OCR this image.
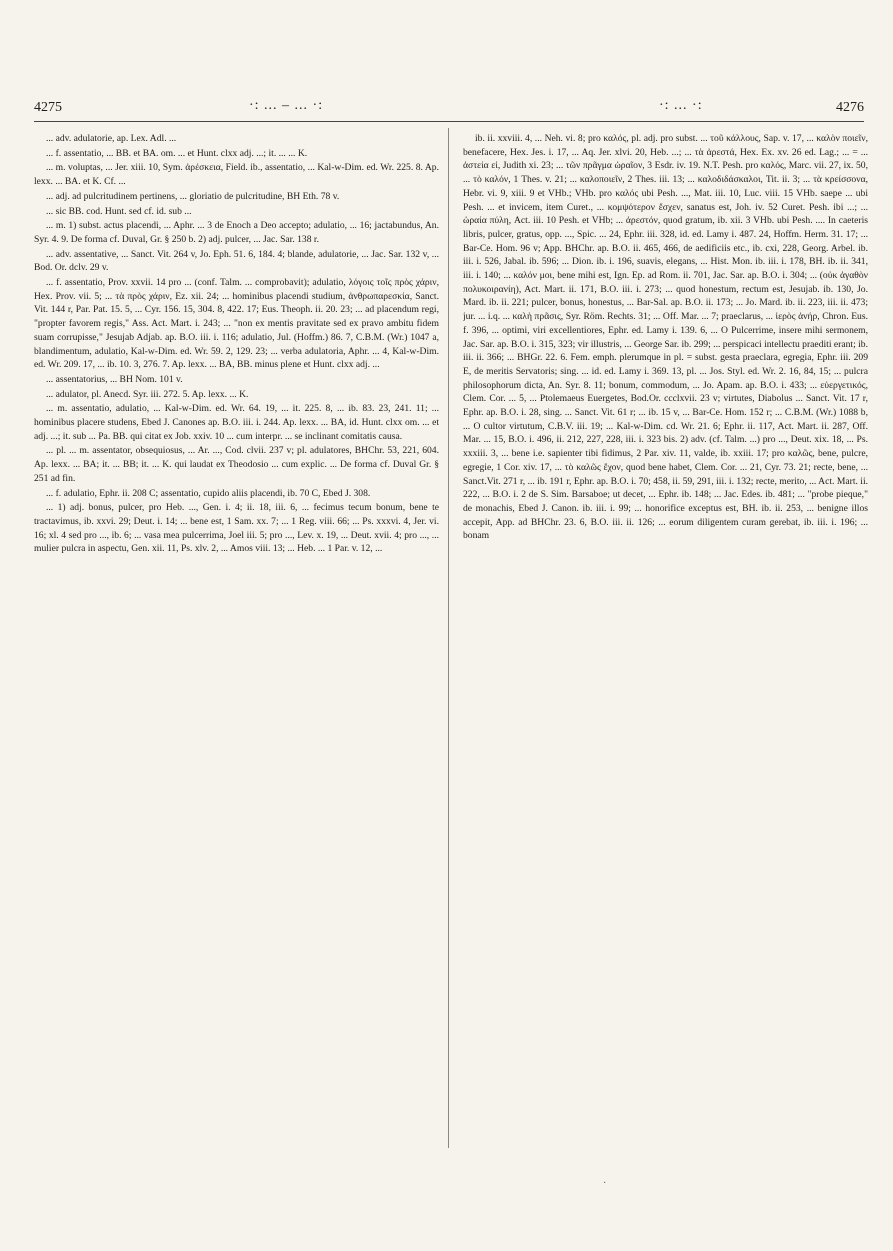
4275	·: ... – ... ·:	·: ... ·:	4276

... adv. adulatorie, ap. Lex. Adl. ...

... f. assentatio, ... BB. et BA. om. ... et Hunt. clxx adj. ...; it. ... ... K.

... m. voluptas, ... Jer. xiii. 10, Sym. ἀρέσκεια, Field. ib., assentatio, ... Kal-w-Dim. ed. Wr. 225. 8. Ap. lexx. ... BA. et K. Cf. ...

... adj. ad pulcritudinem pertinens, ... gloriatio de pulcritudine, BH Eth. 78 v.

... sic BB. cod. Hunt. sed cf. id. sub ...

... m. 1) subst. actus placendi, ... Aphr. ... 3 de Enoch a Deo accepto; adulatio, ... 16; jactabundus, An. Syr. 4. 9. De forma cf. Duval, Gr. § 250 b. 2) adj. pulcer, ... Jac. Sar. 138 r.

... adv. assentative, ... Sanct. Vit. 264 v, Jo. Eph. 51. 6, 184. 4; blande, adulatorie, ... Jac. Sar. 132 v, ... Bod. Or. dclv. 29 v.

... f. assentatio, Prov. xxvii. 14 pro ... (conf. Talm. ... comprobavit); adulatio, λόγοις τοῖς πρὸς χάριν, Hex. Prov. vii. 5; ... τὰ πρὸς χάριν, Ez. xii. 24; ... hominibus placendi studium, ἀνθρωπαρεσκία, Sanct. Vit. 144 r, Par. Pat. 15. 5, ... Cyr. 156. 15, 304. 8, 422. 17; Eus. Theoph. ii. 20. 23; ... ad placendum regi, "propter favorem regis," Ass. Act. Mart. i. 243; ... "non ex mentis pravitate sed ex pravo ambitu fidem suam corrupisse," Jesujab Adjab. ap. B.O. iii. i. 116; adulatio, Jul. (Hoffm.) 86. 7, C.B.M. (Wr.) 1047 a, blandimentum, adulatio, Kal-w-Dim. ed. Wr. 59. 2, 129. 23; ... verba adulatoria, Aphr. ... 4, Kal-w-Dim. ed. Wr. 209. 17, ... ib. 10. 3, 276. 7. Ap. lexx. ... BA, BB. minus plene et Hunt. clxx adj. ...

... assentatorius, ... BH Nom. 101 v.

... adulator, pl. Anecd. Syr. iii. 272. 5. Ap. lexx. ... K.

... m. assentatio, adulatio, ... Kal-w-Dim. ed. Wr. 64. 19, ... it. 225. 8, ... ib. 83. 23, 241. 11; ... hominibus placere studens, Ebed J. Canones ap. B.O. iii. i. 244. Ap. lexx. ... BA, id. Hunt. clxx om. ... et adj. ...; it. sub ... Pa. BB. qui citat ex Job. xxiv. 10 ... cum interpr. ... se inclinant comitatis causa.

... pl. ... m. assentator, obsequiosus, ... Ar. ..., Cod. clvii. 237 v; pl. adulatores, BHChr. 53, 221, 604. Ap. lexx. ... BA; it. ... BB; it. ... K. qui laudat ex Theodosio ... cum explic. ... De forma cf. Duval Gr. § 251 ad fin.

... f. adulatio, Ephr. ii. 208 C; assentatio, cupido aliis placendi, ib. 70 C, Ebed J. 308.

... 1) adj. bonus, pulcer, pro Heb. ..., Gen. i. 4; ii. 18, iii. 6, ... fecimus tecum bonum, bene te tractavimus, ib. xxvi. 29; Deut. i. 14; ... bene est, 1 Sam. xx. 7; ... 1 Reg. viii. 66; ... Ps. xxxvi. 4, Jer. vi. 16; xl. 4 sed pro ..., ib. 6; ... vasa mea pulcerrima, Joel iii. 5; pro ..., Lev. x. 19, ... Deut. xvii. 4; pro ..., ... mulier pulcra in aspectu, Gen. xii. 11, Ps. xlv. 2, ... Amos viii. 13; ... Heb. ... 1 Par. v. 12, ...

ib. ii. xxviii. 4, ... Neh. vi. 8; pro καλός, pl. adj. pro subst. ... τοῦ κάλλους, Sap. v. 17, ... καλὸν ποιεῖν, benefacere, Hex. Jes. i. 17, ... Aq. Jer. xlvi. 20, Heb. ...; ... τὰ ἀρεστά, Hex. Ex. xv. 26 ed. Lag.; ... = ... ἀστεία εἰ, Judith xi. 23; ... τῶν πρᾶγμα ὡραῖον, 3 Esdr. iv. 19. N.T. Pesh. pro καλός, Marc. vii. 27, ix. 50, ... τὸ καλόν, 1 Thes. v. 21; ... καλοποιεῖν, 2 Thes. iii. 13; ... καλοδιδάσκαλοι, Tit. ii. 3; ... τὰ κρείσσονα, Hebr. vi. 9, xiii. 9 et VHb.; VHb. pro καλός ubi Pesh. ..., Mat. iii. 10, Luc. viii. 15 VHb. saepe ... ubi Pesh. ... et invicem, item Curet., ... κομψότερον ἔσχεν, sanatus est, Joh. iv. 52 Curet. Pesh. ibi ...; ... ὡραία πύλη, Act. iii. 10 Pesh. et VHb; ... ἀρεστόν, quod gratum, ib. xii. 3 VHb. ubi Pesh. .... In caeteris libris, pulcer, gratus, opp. ..., Spic. ... 24, Ephr. iii. 328, id. ed. Lamy i. 487. 24, Hoffm. Herm. 31. 17; ... Bar-Ce. Hom. 96 v; App. BHChr. ap. B.O. ii. 465, 466, de aedificiis etc., ib. cxi, 228, Georg. Arbel. ib. iii. i. 526, Jabal. ib. 596; ... Dion. ib. i. 196, suavis, elegans, ... Hist. Mon. ib. iii. i. 178, BH. ib. ii. 341, iii. i. 140; ... καλόν μοι, bene mihi est, Ign. Ep. ad Rom. ii. 701, Jac. Sar. ap. B.O. i. 304; ... (οὐκ ἀγαθὸν πολυκοιρανίη), Act. Mart. ii. 171, B.O. iii. i. 273; ... quod honestum, rectum est, Jesujab. ib. 130, Jo. Mard. ib. ii. 221; pulcer, bonus, honestus, ... Bar-Sal. ap. B.O. ii. 173; ... Jo. Mard. ib. ii. 223, iii. ii. 473; jur. ... i.q. ... καλὴ πρᾶσις, Syr. Röm. Rechts. 31; ... Off. Mar. ... 7; praeclarus, ... ἱερὸς ἀνήρ, Chron. Eus. f. 396, ... optimi, viri excellentiores, Ephr. ed. Lamy i. 139. 6, ... O Pulcerrime, insere mihi sermonem, Jac. Sar. ap. B.O. i. 315, 323; vir illustris, ... George Sar. ib. 299; ... perspicaci intellectu praediti erant; ib. iii. ii. 366; ... BHGr. 22. 6. Fem. emph. plerumque in pl. = subst. gesta praeclara, egregia, Ephr. iii. 209 E, de meritis Servatoris; sing. ... id. ed. Lamy i. 369. 13, pl. ... Jos. Styl. ed. Wr. 2. 16, 84, 15; ... pulcra philosophorum dicta, An. Syr. 8. 11; bonum, commodum, ... Jo. Apam. ap. B.O. i. 433; ... εὐεργετικός, Clem. Cor. ... 5, ... Ptolemaeus Euergetes, Bod.Or. ccclxvii. 23 v; virtutes, Diabolus ... Sanct. Vit. 17 r, Ephr. ap. B.O. i. 28, sing. ... Sanct. Vit. 61 r; ... ib. 15 v, ... Bar-Ce. Hom. 152 r; ... C.B.M. (Wr.) 1088 b, ... O cultor virtutum, C.B.V. iii. 19; ... Kal-w-Dim. cd. Wr. 21. 6; Ephr. ii. 117, Act. Mart. ii. 287, Off. Mar. ... 15, B.O. i. 496, ii. 212, 227, 228, iii. i. 323 bis. 2) adv. (cf. Talm. ...) pro ..., Deut. xix. 18, ... Ps. xxxiii. 3, ... bene i.e. sapienter tibi fidimus, 2 Par. xiv. 11, valde, ib. xxiii. 17; pro καλῶς, bene, pulcre, egregie, 1 Cor. xiv. 17, ... τὸ καλῶς ἔχον, quod bene habet, Clem. Cor. ... 21, Cyr. 73. 21; recte, bene, ... Sanct.Vit. 271 r, ... ib. 191 r, Ephr. ap. B.O. i. 70; 458, ii. 59, 291, iii. i. 132; recte, merito, ... Act. Mart. ii. 222, ... B.O. i. 2 de S. Sim. Barsaboe; ut decet, ... Ephr. ib. 148; ... Jac. Edes. ib. 481; ... "probe pieque," de monachis, Ebed J. Canon. ib. iii. i. 99; ... honorifice exceptus est, BH. ib. ii. 253, ... benigne illos accepit, App. ad BHChr. 23. 6, B.O. iii. ii. 126; ... eorum diligentem curam gerebat, ib. iii. i. 196; ... bonam

·
